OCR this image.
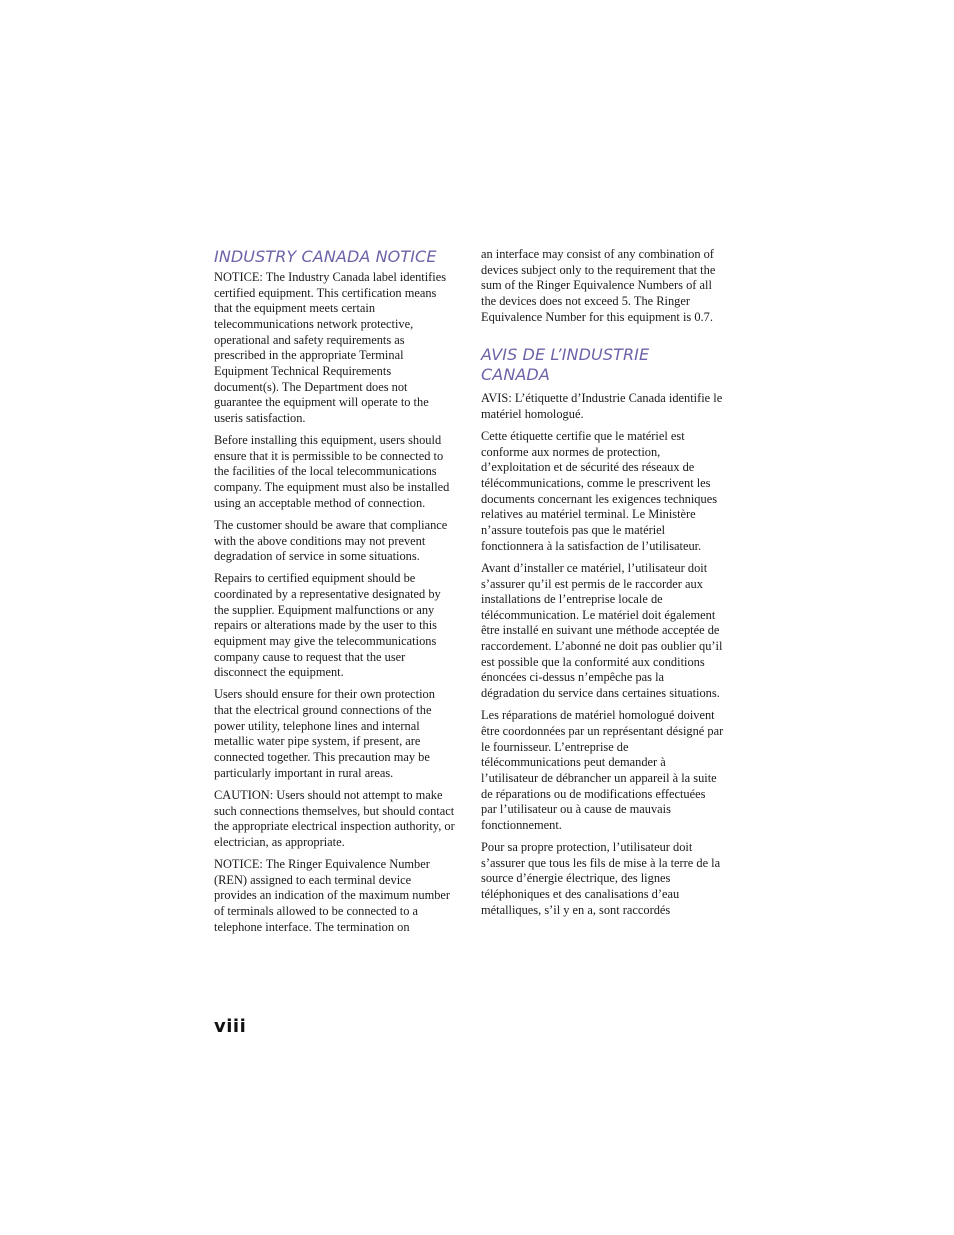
INDUSTRY CANADA NOTICE

NOTICE: The Industry Canada label identifies certified equipment. This certification means that the equipment meets certain telecommunications network protective, operational and safety requirements as prescribed in the appropriate Terminal Equipment Technical Requirements document(s). The Department does not guarantee the equipment will operate to the useris satisfaction.

Before installing this equipment, users should ensure that it is permissible to be connected to the facilities of the local telecommunications company. The equipment must also be installed using an acceptable method of connection.

The customer should be aware that compliance with the above conditions may not prevent degradation of service in some situations.

Repairs to certified equipment should be coordinated by a representative designated by the supplier. Equipment malfunctions or any repairs or alterations made by the user to this equipment may give the telecommunications company cause to request that the user disconnect the equipment.

Users should ensure for their own protection that the electrical ground connections of the power utility, telephone lines and internal metallic water pipe system, if present, are connected together. This precaution may be particularly important in rural areas.

CAUTION: Users should not attempt to make such connections themselves, but should contact the appropriate electrical inspection authority, or electrician, as appropriate.

NOTICE: The Ringer Equivalence Number (REN) assigned to each terminal device provides an indication of the maximum number of terminals allowed to be connected to a telephone interface. The termination on

an interface may consist of any combination of devices subject only to the requirement that the sum of the Ringer Equivalence Numbers of all the devices does not exceed 5. The Ringer Equivalence Number for this equipment is 0.7.

AVIS DE L’INDUSTRIE
CANADA

AVIS: L’étiquette d’Industrie Canada identifie le matériel homologué.

Cette étiquette certifie que le matériel est conforme aux normes de protection, d’exploitation et de sécurité des réseaux de télécommunications, comme le prescrivent les documents concernant les exigences techniques relatives au matériel terminal. Le Ministère n’assure toutefois pas que le matériel fonctionnera à la satisfaction de l’utilisateur.

Avant d’installer ce matériel, l’utilisateur doit s’assurer qu’il est permis de le raccorder aux installations de l’entreprise locale de télécommunication. Le matériel doit également être installé en suivant une méthode acceptée de raccordement. L’abonné ne doit pas oublier qu’il est possible que la conformité aux conditions énoncées ci-dessus n’empêche pas la dégradation du service dans certaines situations.

Les réparations de matériel homologué doivent être coordonnées par un représentant désigné par le fournisseur. L’entreprise de télécommunications peut demander à l’utilisateur de débrancher un appareil à la suite de réparations ou de modifications effectuées par l’utilisateur ou à cause de mauvais fonctionnement.

Pour sa propre protection, l’utilisateur doit s’assurer que tous les fils de mise à la terre de la source d’énergie électrique, des lignes téléphoniques et des canalisations d’eau métalliques, s’il y en a, sont raccordés

viii
